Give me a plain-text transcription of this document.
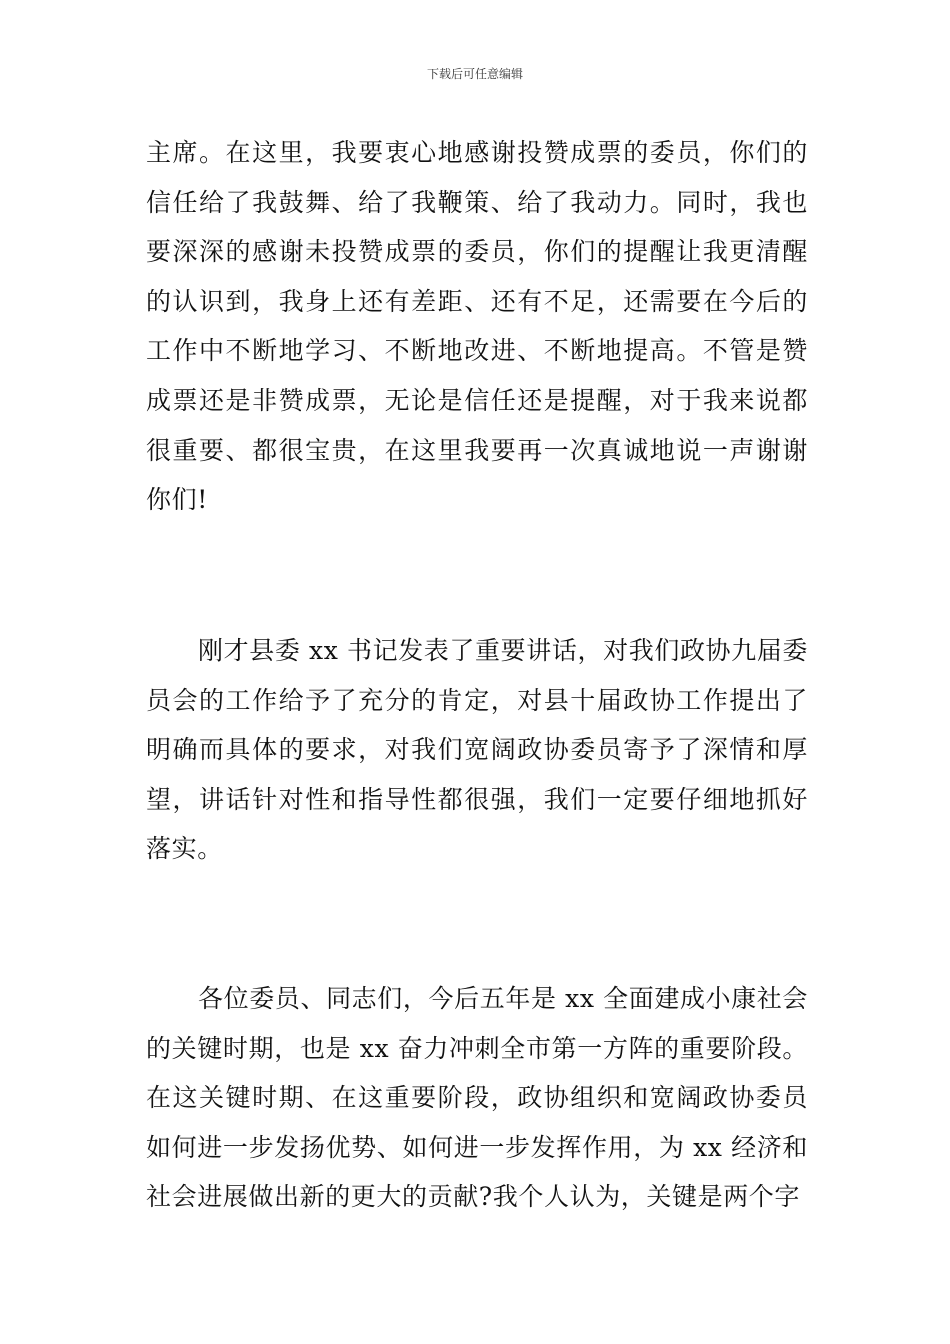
下载后可任意编辑

主席。在这里，我要衷心地感谢投赞成票的委员，你们的信任给了我鼓舞、给了我鞭策、给了我动力。同时，我也要深深的感谢未投赞成票的委员，你们的提醒让我更清醒的认识到，我身上还有差距、还有不足，还需要在今后的工作中不断地学习、不断地改进、不断地提高。不管是赞成票还是非赞成票，无论是信任还是提醒，对于我来说都很重要、都很宝贵，在这里我要再一次真诚地说一声谢谢你们!

刚才县委 xx 书记发表了重要讲话，对我们政协九届委员会的工作给予了充分的肯定，对县十届政协工作提出了明确而具体的要求，对我们宽阔政协委员寄予了深情和厚望，讲话针对性和指导性都很强，我们一定要仔细地抓好落实。

各位委员、同志们，今后五年是 xx 全面建成小康社会的关键时期，也是 xx 奋力冲刺全市第一方阵的重要阶段。在这关键时期、在这重要阶段，政协组织和宽阔政协委员如何进一步发扬优势、如何进一步发挥作用，为 xx 经济和社会进展做出新的更大的贡献?我个人认为，关键是两个字
